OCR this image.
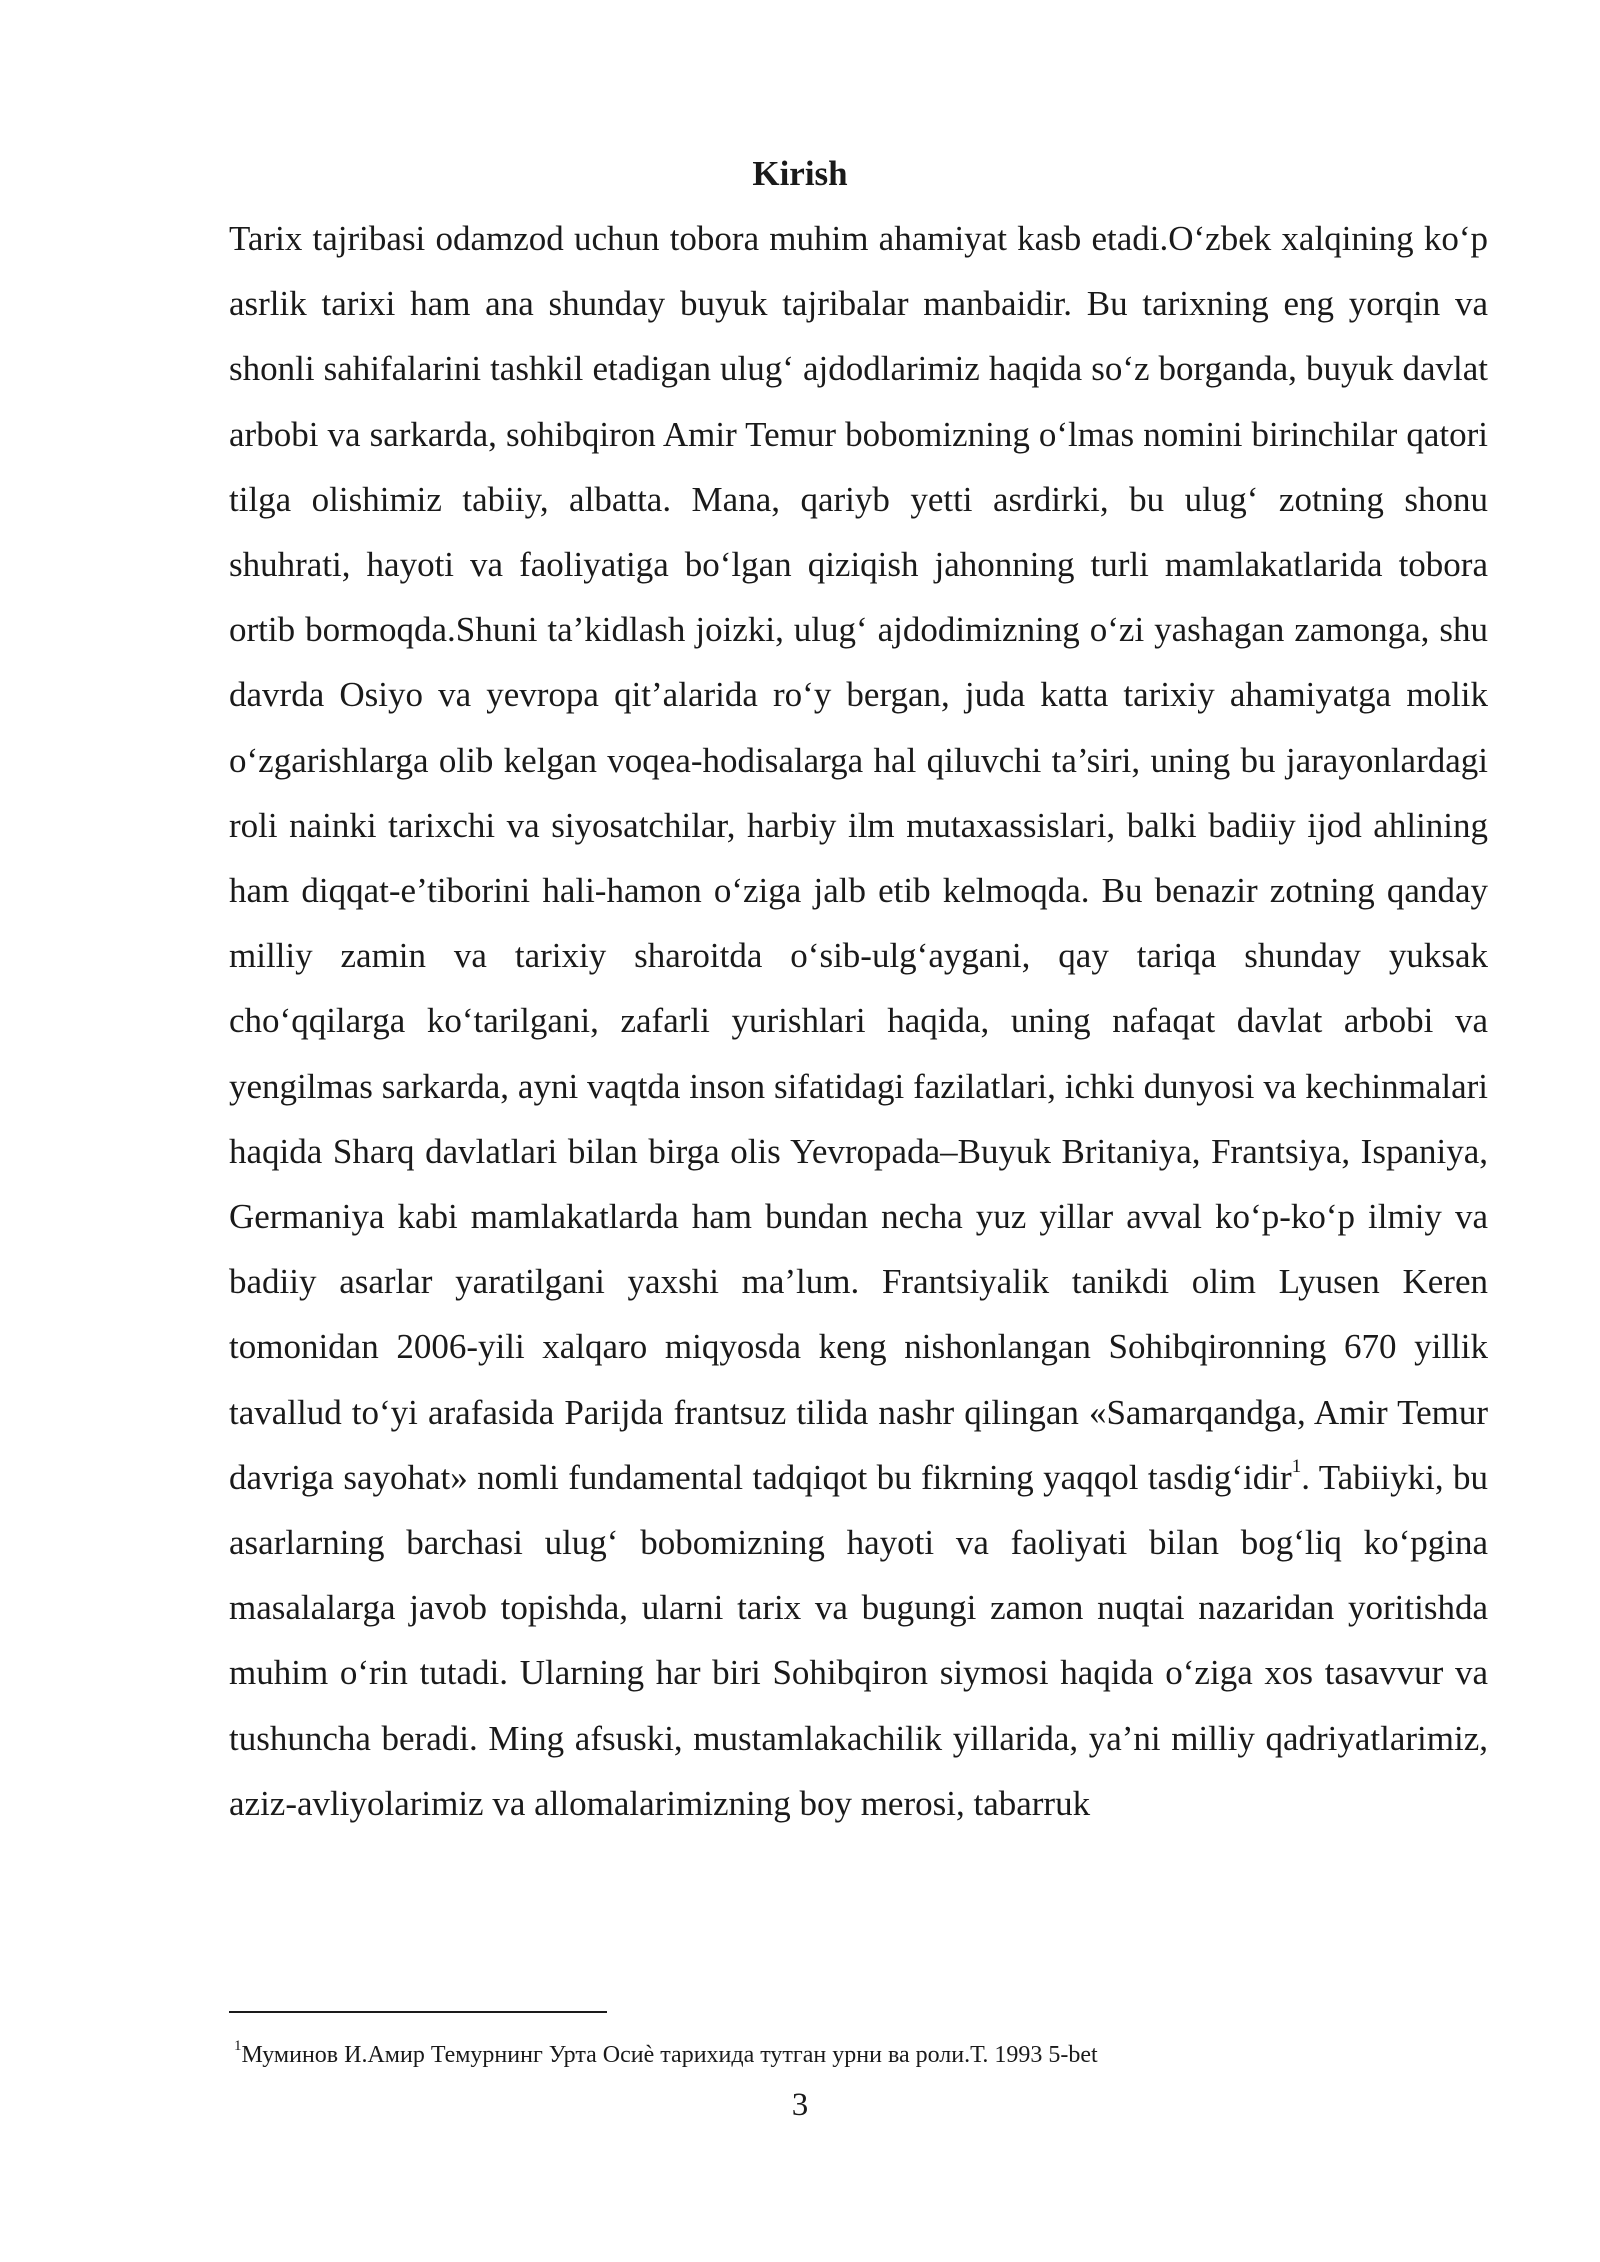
Kirish

Tarix tajribasi odamzod uchun tobora muhim ahamiyat kasb etadi.O‘zbek xalqining ko‘p asrlik tarixi ham ana shunday buyuk tajribalar manbaidir. Bu tarixning eng yorqin va shonli sahifalarini tashkil etadigan ulug‘ ajdodlarimiz haqida so‘z borganda, buyuk davlat arbobi va sarkarda, sohibqiron Amir Temur bobomizning o‘lmas nomini birinchilar qatori tilga olishimiz tabiiy, albatta. Mana, qariyb yetti asrdirki, bu ulug‘ zotning shonu shuhrati, hayoti va faoliyatiga bo‘lgan qiziqish jahonning turli mamlakatlarida tobora ortib bormoqda.Shuni ta’kidlash joizki, ulug‘ ajdodimizning o‘zi yashagan zamonga, shu davrda Osiyo va yevropa qit’alarida ro‘y bergan, juda katta tarixiy ahamiyatga molik o‘zgarishlarga olib kelgan voqea-hodisalarga hal qiluvchi ta’siri, uning bu jarayonlardagi roli nainki tarixchi va siyosatchilar, harbiy ilm mutaxassislari, balki badiiy ijod ahlining ham diqqat-e’tiborini hali-hamon o‘ziga jalb etib kelmoqda. Bu benazir zotning qanday milliy zamin va tarixiy sharoitda o‘sib-ulg‘aygani, qay tariqa shunday yuksak cho‘qqilarga ko‘tarilgani, zafarli yurishlari haqida, uning nafaqat davlat arbobi va yengilmas sarkarda, ayni vaqtda inson sifatidagi fazilatlari, ichki dunyosi va kechinmalari haqida Sharq davlatlari bilan birga olis Yevropada–Buyuk Britaniya, Frantsiya, Ispaniya, Germaniya kabi mamlakatlarda ham bundan necha yuz yillar avval ko‘p-ko‘p ilmiy va badiiy asarlar yaratilgani yaxshi ma’lum. Frantsiyalik tanikdi olim Lyusen Keren tomonidan 2006-yili xalqaro miqyosda keng nishonlangan Sohibqironning 670 yillik tavallud to‘yi arafasida Parijda frantsuz tilida nashr qilingan «Samarqandga, Amir Temur davriga sayohat» nomli fundamental tadqiqot bu fikrning yaqqol tasdig‘idir$^1$. Tabiiyki, bu asarlarning barchasi ulug‘ bobomizning hayoti va faoliyati bilan bog‘liq ko‘pgina masalalarga javob topishda, ularni tarix va bugungi zamon nuqtai nazaridan yoritishda muhim o‘rin tutadi. Ularning har biri Sohibqiron siymosi haqida o‘ziga xos tasavvur va tushuncha beradi. Ming afsuski, mustamlakachilik yillarida, ya’ni milliy qadriyatlarimiz, aziz-avliyolarimiz va allomalarimizning boy merosi, tabarruk

$^1$Муминов И.Амир Темурнинг Урта Осиѐ тарихида тутган урни ва роли.Т. 1993 5-bet

3
